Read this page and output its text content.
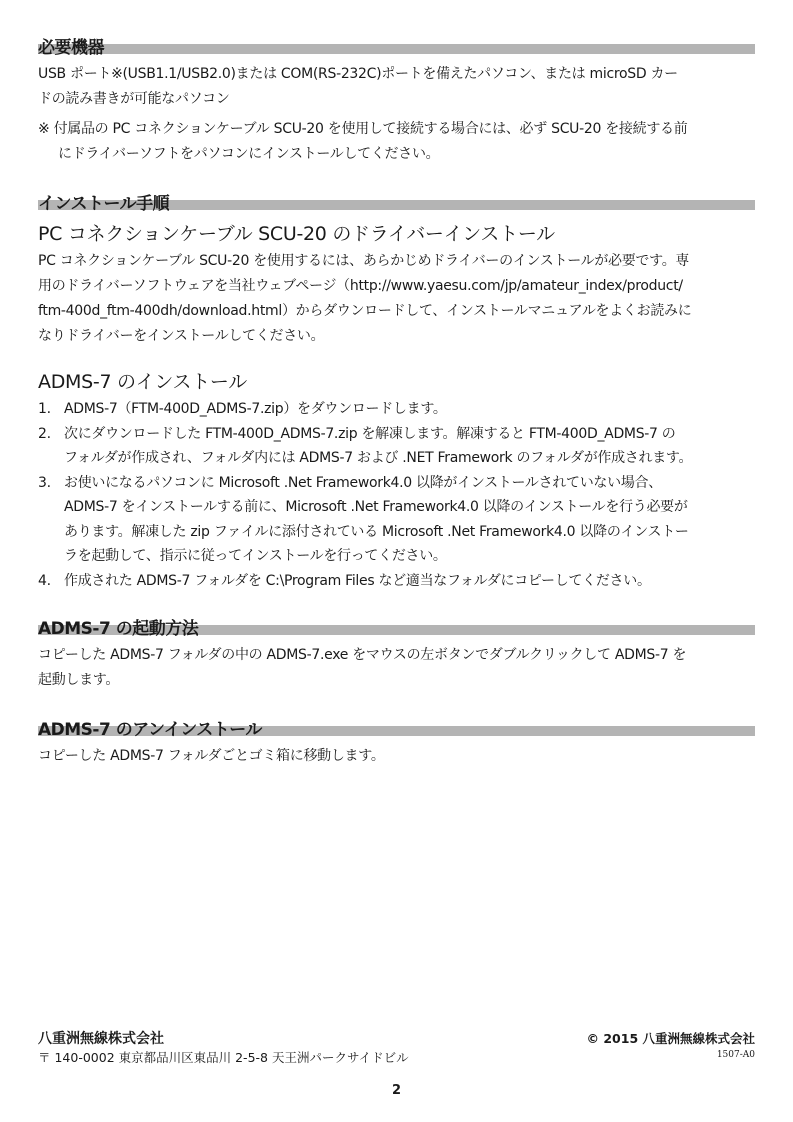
必要機器
USB ポート※(USB1.1/USB2.0)または COM(RS-232C)ポートを備えたパソコン、または microSD カー
ドの読み書きが可能なパソコン
※ 付属品の PC コネクションケーブル SCU-20 を使用して接続する場合には、必ず SCU-20 を接続する前
にドライバーソフトをパソコンにインストールしてください。
インストール手順
PC コネクションケーブル SCU-20 のドライバーインストール
PC コネクションケーブル SCU-20 を使用するには、あらかじめドライバーのインストールが必要です。専
用のドライバーソフトウェアを当社ウェブページ（http://www.yaesu.com/jp/amateur_index/product/
ftm-400d_ftm-400dh/download.html）からダウンロードして、インストールマニュアルをよくお読みに
なりドライバーをインストールしてください。
ADMS-7 のインストール
1. ADMS-7（FTM-400D_ADMS-7.zip）をダウンロードします。
2. 次にダウンロードした FTM-400D_ADMS-7.zip を解凍します。解凍すると FTM-400D_ADMS-7 の
フォルダが作成され、フォルダ内には ADMS-7 および .NET Framework のフォルダが作成されます。
3. お使いになるパソコンに Microsoft .Net Framework4.0 以降がインストールされていない場合、
ADMS-7 をインストールする前に、Microsoft .Net Framework4.0 以降のインストールを行う必要が
あります。解凍した zip ファイルに添付されている Microsoft .Net Framework4.0 以降のインストー
ラを起動して、指示に従ってインストールを行ってください。
4. 作成された ADMS-7 フォルダを C:\Program Files など適当なフォルダにコピーしてください。
ADMS-7 の起動方法
コピーした ADMS-7 フォルダの中の ADMS-7.exe をマウスの左ボタンでダブルクリックして ADMS-7 を
起動します。
ADMS-7 のアンインストール
コピーした ADMS-7 フォルダごとゴミ箱に移動します。
八重洲無線株式会社
〒 140-0002 東京都品川区東品川 2-5-8 天王洲パークサイドビル
© 2015 八重洲無線株式会社
1507-A0
2
